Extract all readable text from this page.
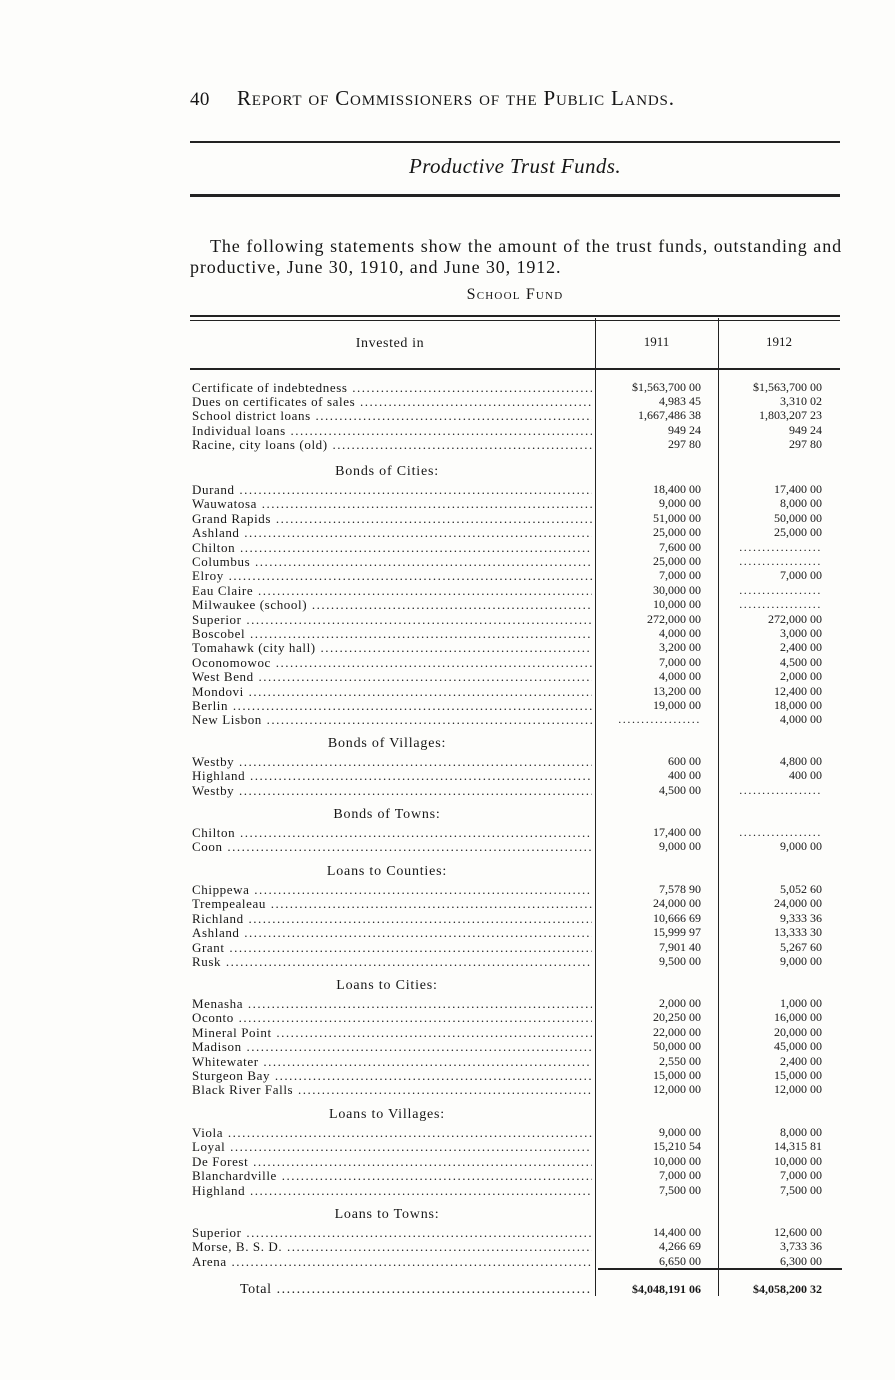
40 Report of Commissioners of the Public Lands.
Productive Trust Funds.
The following statements show the amount of the trust funds, outstanding and productive, June 30, 1910, and June 30, 1912.
School Fund
Invested in	1911	1912
Certificate of indebtedness .....	$1,563,700 00	$1,563,700 00
Dues on certificates of sales .....	4,983 45	3,310 02
School district loans .....	1,667,486 38	1,803,207 23
Individual loans .....	949 24	949 24
Racine, city loans (old) .....	297 80	297 80
Bonds of Cities:
Durand .....	18,400 00	17,400 00
Wauwatosa .....	9,000 00	8,000 00
Grand Rapids .....	51,000 00	50,000 00
Ashland .....	25,000 00	25,000 00
Chilton .....	7,600 00	..................
Columbus .....	25,000 00	..................
Elroy .....	7,000 00	7,000 00
Eau Claire .....	30,000 00	..................
Milwaukee (school) .....	10,000 00	..................
Superior .....	272,000 00	272,000 00
Boscobel .....	4,000 00	3,000 00
Tomahawk (city hall) .....	3,200 00	2,400 00
Oconomowoc .....	7,000 00	4,500 00
West Bend .....	4,000 00	2,000 00
Mondovi .....	13,200 00	12,400 00
Berlin .....	19,000 00	18,000 00
New Lisbon .....	..................	4,000 00
Bonds of Villages:
Westby .....	600 00	4,800 00
Highland .....	400 00	400 00
Westby .....	4,500 00	..................
Bonds of Towns:
Chilton .....	17,400 00	..................
Coon .....	9,000 00	9,000 00
Loans to Counties:
Chippewa .....	7,578 90	5,052 60
Trempealeau .....	24,000 00	24,000 00
Richland .....	10,666 69	9,333 36
Ashland .....	15,999 97	13,333 30
Grant .....	7,901 40	5,267 60
Rusk .....	9,500 00	9,000 00
Loans to Cities:
Menasha .....	2,000 00	1,000 00
Oconto .....	20,250 00	16,000 00
Mineral Point .....	22,000 00	20,000 00
Madison .....	50,000 00	45,000 00
Whitewater .....	2,550 00	2,400 00
Sturgeon Bay .....	15,000 00	15,000 00
Black River Falls .....	12,000 00	12,000 00
Loans to Villages:
Viola .....	9,000 00	8,000 00
Loyal .....	15,210 54	14,315 81
De Forest .....	10,000 00	10,000 00
Blanchardville .....	7,000 00	7,000 00
Highland .....	7,500 00	7,500 00
Loans to Towns:
Superior .....	14,400 00	12,600 00
Morse, B. S. D. .....	4,266 69	3,733 36
Arena .....	6,650 00	6,300 00
Total .....	$4,048,191 06	$4,058,200 32
